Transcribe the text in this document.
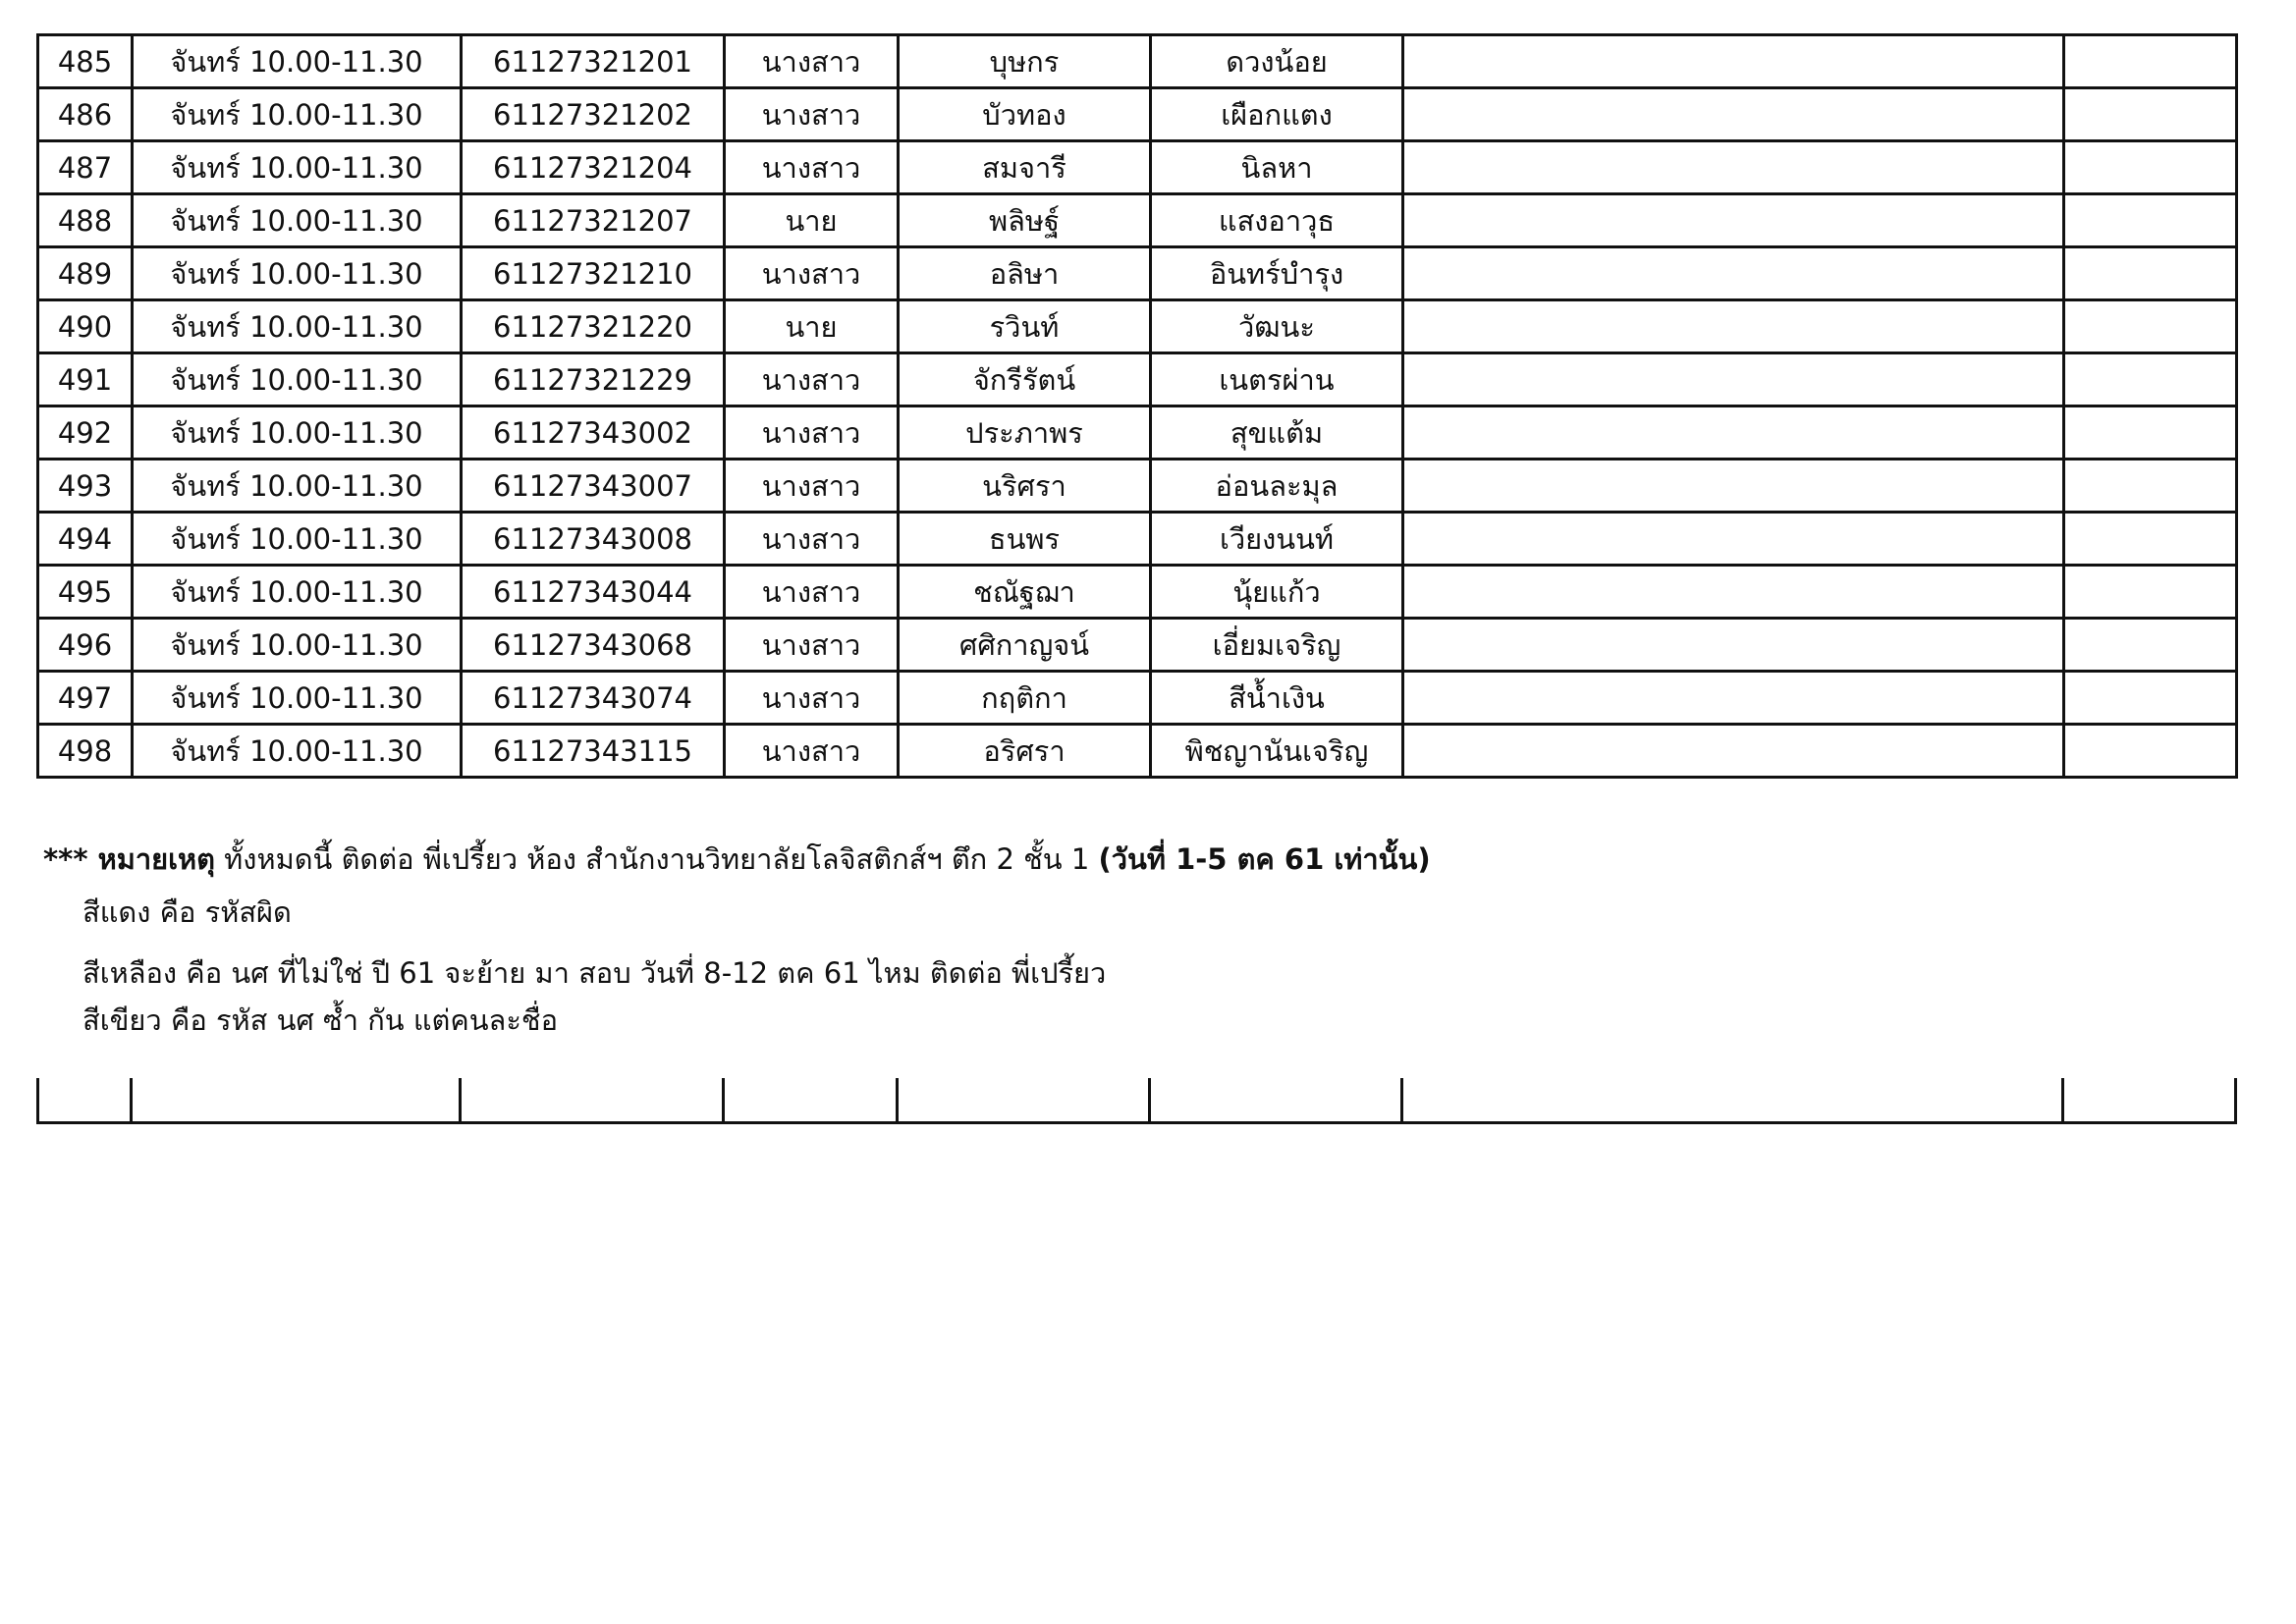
485	จันทร์ 10.00-11.30	61127321201	นางสาว	บุษกร	ดวงน้อย		
486	จันทร์ 10.00-11.30	61127321202	นางสาว	บัวทอง	เผือกแตง		
487	จันทร์ 10.00-11.30	61127321204	นางสาว	สมจารี	นิลหา		
488	จันทร์ 10.00-11.30	61127321207	นาย	พลิษฐ์	แสงอาวุธ		
489	จันทร์ 10.00-11.30	61127321210	นางสาว	อลิษา	อินทร์บำรุง		
490	จันทร์ 10.00-11.30	61127321220	นาย	รวินท์	วัฒนะ		
491	จันทร์ 10.00-11.30	61127321229	นางสาว	จักรีรัตน์	เนตรผ่าน		
492	จันทร์ 10.00-11.30	61127343002	นางสาว	ประภาพร	สุขแต้ม		
493	จันทร์ 10.00-11.30	61127343007	นางสาว	นริศรา	อ่อนละมุล		
494	จันทร์ 10.00-11.30	61127343008	นางสาว	ธนพร	เวียงนนท์		
495	จันทร์ 10.00-11.30	61127343044	นางสาว	ชณัฐฌา	นุ้ยแก้ว		
496	จันทร์ 10.00-11.30	61127343068	นางสาว	ศศิกาญจน์	เอี่ยมเจริญ		
497	จันทร์ 10.00-11.30	61127343074	นางสาว	กฤติกา	สีน้ำเงิน		
498	จันทร์ 10.00-11.30	61127343115	นางสาว	อริศรา	พิชญานันเจริญ		
*** หมายเหตุ ทั้งหมดนี้ ติดต่อ พี่เปรี้ยว ห้อง สำนักงานวิทยาลัยโลจิสติกส์ฯ ตึก 2 ชั้น 1 (วันที่ 1-5 ตค 61 เท่านั้น)
สีแดง คือ รหัสผิด
สีเหลือง คือ นศ ที่ไม่ใช่ ปี 61 จะย้าย มา สอบ วันที่ 8-12 ตค 61 ไหม ติดต่อ พี่เปรี้ยว
สีเขียว คือ รหัส นศ ซ้ำ กัน แต่คนละชื่อ
